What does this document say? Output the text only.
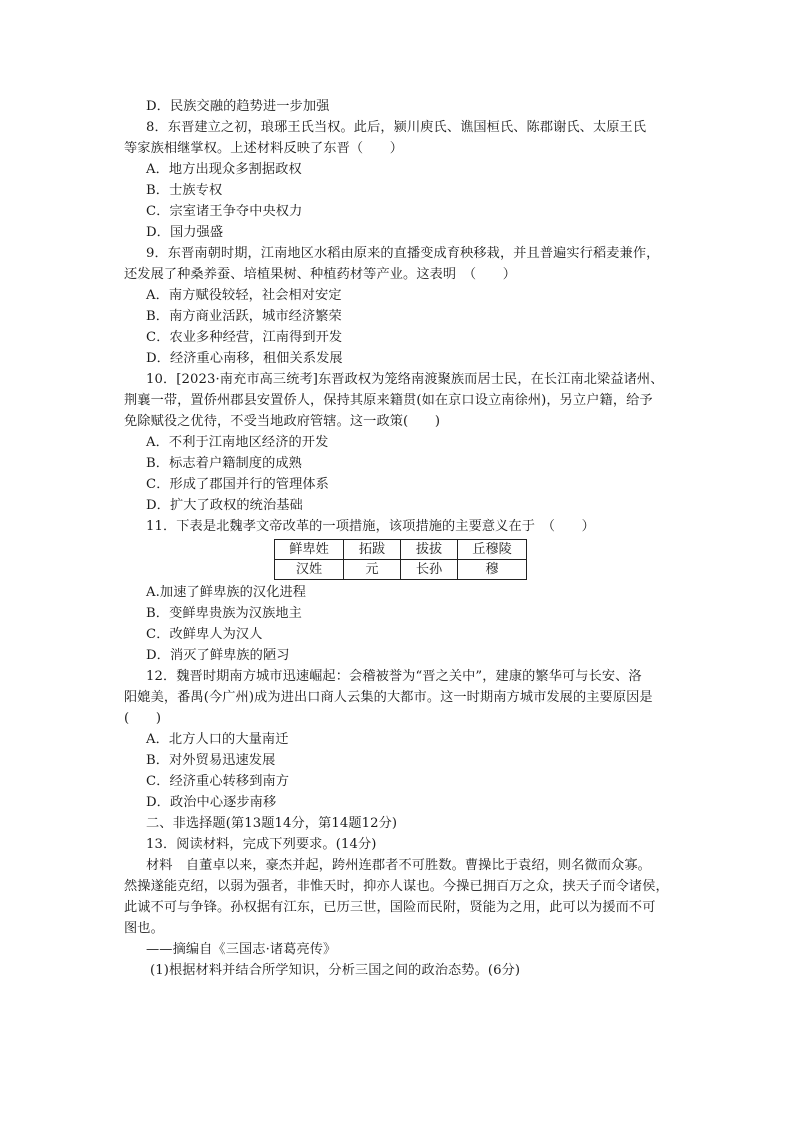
D．民族交融的趋势进一步加强

8．东晋建立之初，琅琊王氏当权。此后，颍川庾氏、谯国桓氏、陈郡谢氏、太原王氏

等家族相继掌权。上述材料反映了东晋（　　）

A．地方出现众多割据政权

B．士族专权

C．宗室诸王争夺中央权力

D．国力强盛

9．东晋南朝时期，江南地区水稻由原来的直播变成育秧移栽，并且普遍实行稻麦兼作，

还发展了种桑养蚕、培植果树、种植药材等产业。这表明　（　　）

A．南方赋役较轻，社会相对安定

B．南方商业活跃，城市经济繁荣

C．农业多种经营，江南得到开发

D．经济重心南移，租佃关系发展

10．[2023·南充市高三统考]东晋政权为笼络南渡聚族而居士民，在长江南北梁益诸州、

荆襄一带，置侨州郡县安置侨人，保持其原来籍贯(如在京口设立南徐州)，另立户籍，给予

免除赋役之优待，不受当地政府管辖。这一政策(　　)

A．不利于江南地区经济的开发

B．标志着户籍制度的成熟

C．形成了郡国并行的管理体系

D．扩大了政权的统治基础

11．下表是北魏孝文帝改革的一项措施，该项措施的主要意义在于　（　　）

鲜卑姓	拓跋	拔拔	丘穆陵
汉姓	元	长孙	穆

A.加速了鲜卑族的汉化进程

B．变鲜卑贵族为汉族地主

C．改鲜卑人为汉人

D．消灭了鲜卑族的陋习

12．魏晋时期南方城市迅速崛起：会稽被誉为“晋之关中”，建康的繁华可与长安、洛

阳媲美，番禺(今广州)成为进出口商人云集的大都市。这一时期南方城市发展的主要原因是

(　　)

A．北方人口的大量南迁

B．对外贸易迅速发展

C．经济重心转移到南方

D．政治中心逐步南移

二、非选择题(第13题14分，第14题12分)

13．阅读材料，完成下列要求。(14分)

材料　自董卓以来，豪杰并起，跨州连郡者不可胜数。曹操比于袁绍，则名微而众寡。

然操遂能克绍，以弱为强者，非惟天时，抑亦人谋也。今操已拥百万之众，挟天子而令诸侯，

此诚不可与争锋。孙权据有江东，已历三世，国险而民附，贤能为之用，此可以为援而不可

图也。

——摘编自《三国志·诸葛亮传》

(1)根据材料并结合所学知识，分析三国之间的政治态势。(6分)
